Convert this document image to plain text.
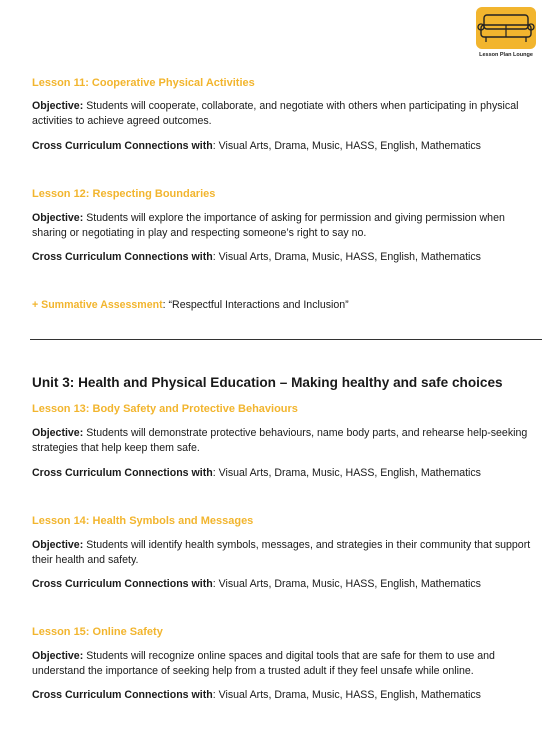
Lesson Plan Lounge
Lesson 11: Cooperative Physical Activities
Objective: Students will cooperate, collaborate, and negotiate with others when participating in physical activities to achieve agreed outcomes.
Cross Curriculum Connections with: Visual Arts, Drama, Music, HASS, English, Mathematics
Lesson 12: Respecting Boundaries
Objective: Students will explore the importance of asking for permission and giving permission when sharing or negotiating in play and respecting someone’s right to say no.
Cross Curriculum Connections with: Visual Arts, Drama, Music, HASS, English, Mathematics
+ Summative Assessment: “Respectful Interactions and Inclusion”
Unit 3: Health and Physical Education – Making healthy and safe choices
Lesson 13: Body Safety and Protective Behaviours
Objective: Students will demonstrate protective behaviours, name body parts, and rehearse help-seeking strategies that help keep them safe.
Cross Curriculum Connections with: Visual Arts, Drama, Music, HASS, English, Mathematics
Lesson 14: Health Symbols and Messages
Objective: Students will identify health symbols, messages, and strategies in their community that support their health and safety.
Cross Curriculum Connections with: Visual Arts, Drama, Music, HASS, English, Mathematics
Lesson 15: Online Safety
Objective: Students will recognize online spaces and digital tools that are safe for them to use and understand the importance of seeking help from a trusted adult if they feel unsafe while online.
Cross Curriculum Connections with: Visual Arts, Drama, Music, HASS, English, Mathematics
